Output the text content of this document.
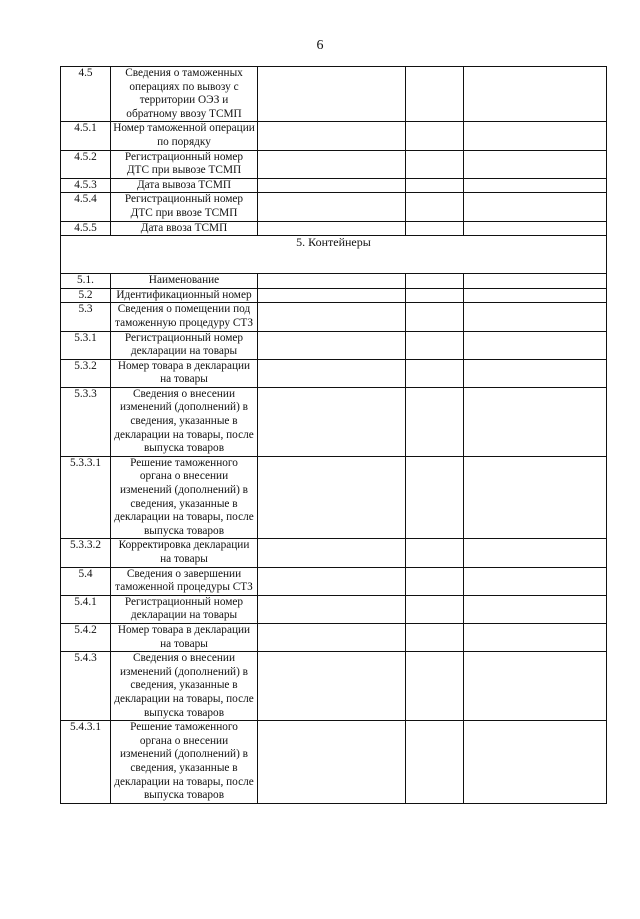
6
4.5	Сведения о таможенных операциях по вывозу с территории ОЭЗ и обратному ввозу ТСМП			
4.5.1	Номер таможенной операции по порядку			
4.5.2	Регистрационный номер ДТС при вывозе ТСМП			
4.5.3	Дата вывоза ТСМП			
4.5.4	Регистрационный номер ДТС при ввозе ТСМП			
4.5.5	Дата ввоза ТСМП			
5. Контейнеры				
5.1.	Наименование			
5.2	Идентификационный номер			
5.3	Сведения о помещении под таможенную процедуру СТЗ			
5.3.1	Регистрационный номер декларации на товары			
5.3.2	Номер товара в декларации на товары			
5.3.3	Сведения о внесении изменений (дополнений) в сведения, указанные в декларации на товары, после выпуска товаров			
5.3.3.1	Решение таможенного органа о внесении изменений (дополнений) в сведения, указанные в декларации на товары, после выпуска товаров			
5.3.3.2	Корректировка декларации на товары			
5.4	Сведения о завершении таможенной процедуры СТЗ			
5.4.1	Регистрационный номер декларации на товары			
5.4.2	Номер товара в декларации на товары			
5.4.3	Сведения о внесении изменений (дополнений) в сведения, указанные в декларации на товары, после выпуска товаров			
5.4.3.1	Решение таможенного органа о внесении изменений (дополнений) в сведения, указанные в декларации на товары, после выпуска товаров			
